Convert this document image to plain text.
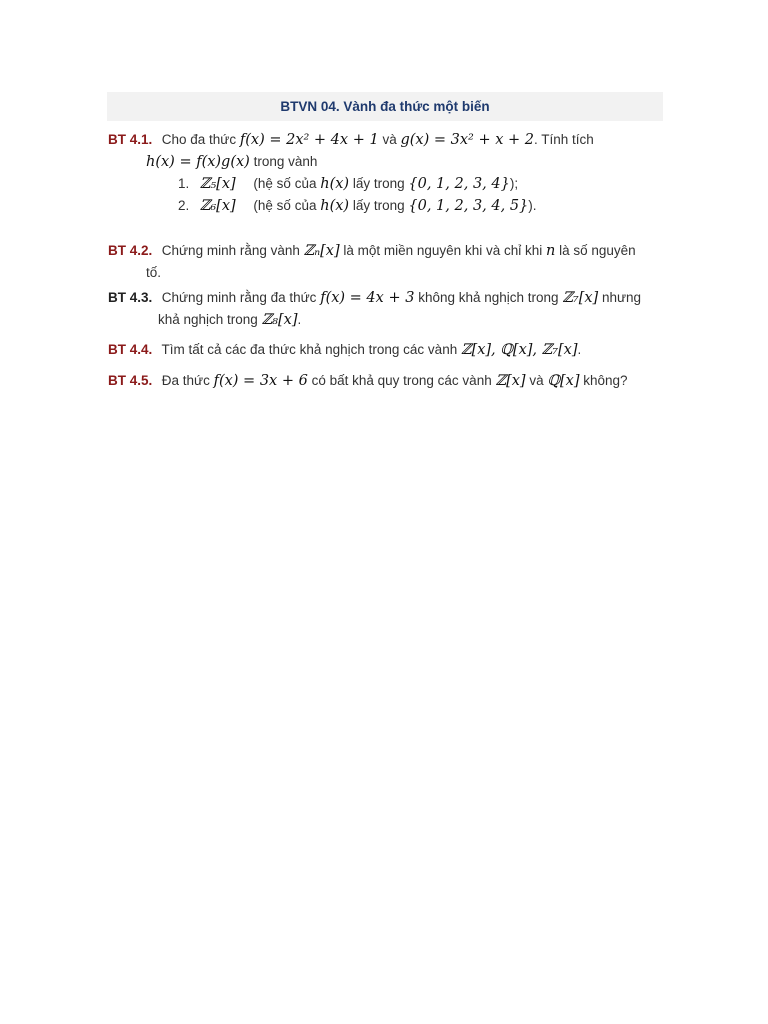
BTVN 04. Vành đa thức một biến
BT 4.1. Cho đa thức f(x) = 2x² + 4x + 1 và g(x) = 3x² + x + 2. Tính tích
h(x) = f(x)g(x) trong vành
1. ℤ₅[x] (hệ số của h(x) lấy trong {0, 1, 2, 3, 4});
2. ℤ₆[x] (hệ số của h(x) lấy trong {0, 1, 2, 3, 4, 5}).
BT 4.2. Chứng minh rằng vành ℤₙ[x] là một miền nguyên khi và chỉ khi n là số nguyên
tố.
BT 4.3. Chứng minh rằng đa thức f(x) = 4x + 3 không khả nghịch trong ℤ₇[x] nhưng
khả nghịch trong ℤ₈[x].
BT 4.4. Tìm tất cả các đa thức khả nghịch trong các vành ℤ[x], ℚ[x], ℤ₇[x].
BT 4.5. Đa thức f(x) = 3x + 6 có bất khả quy trong các vành ℤ[x] và ℚ[x] không?
